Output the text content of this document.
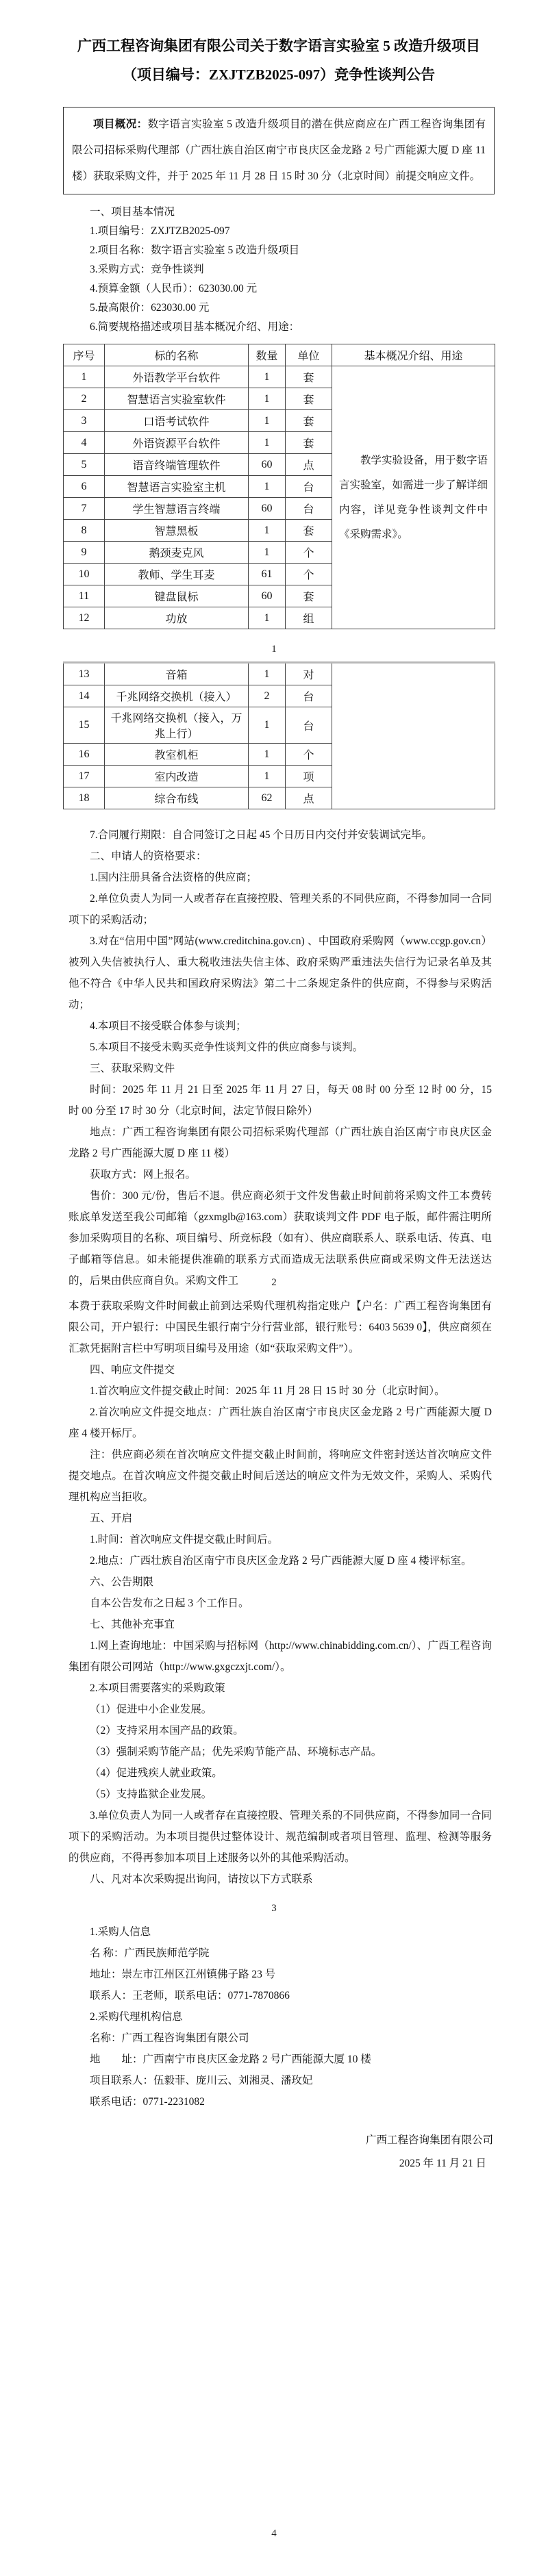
广西工程咨询集团有限公司关于数字语言实验室 5 改造升级项目
（项目编号：ZXJTZB2025-097）竞争性谈判公告

项目概况：数字语言实验室 5 改造升级项目的潜在供应商应在广西工程咨询集团有限公司招标采购代理部（广西壮族自治区南宁市良庆区金龙路 2 号广西能源大厦 D 座 11 楼）获取采购文件，并于 2025 年 11 月 28 日 15 时 30 分（北京时间）前提交响应文件。

一、项目基本情况

1.项目编号：ZXJTZB2025-097

2.项目名称：数字语言实验室 5 改造升级项目

3.采购方式：竞争性谈判

4.预算金额（人民币）：623030.00 元

5.最高限价：623030.00 元

6.简要规格描述或项目基本概况介绍、用途：

序号	标的名称	数量	单位	基本概况介绍、用途
1	外语教学平台软件	1	套	教学实验设备，用于数字语言实验室，如需进一步了解详细内容，详见竞争性谈判文件中《采购需求》。

2	智慧语言实验室软件	1	套	
3	口语考试软件	1	套	
4	外语资源平台软件	1	套	
5	语音终端管理软件	60	点	
6	智慧语言实验室主机	1	台	
7	学生智慧语言终端	60	台	
8	智慧黑板	1	套	
9	鹅颈麦克风	1	个	
10	教师、学生耳麦	61	个	
11	键盘鼠标	60	套	
12	功放	1	组	
1
13	音箱	1	对	
14	千兆网络交换机（接入）	2	台	
15	千兆网络交换机（接入，万兆上行）	1	台	
16	教室机柜	1	个	
17	室内改造	1	项	
18	综合布线	62	点	

7.合同履行期限：自合同签订之日起 45 个日历日内交付并安装调试完毕。

二、申请人的资格要求：

1.国内注册具备合法资格的供应商；

2.单位负责人为同一人或者存在直接控股、管理关系的不同供应商，不得参加同一合同项下的采购活动；

3.对在“信用中国”网站(www.creditchina.gov.cn) 、中国政府采购网（www.ccgp.gov.cn）被列入失信被执行人、重大税收违法失信主体、政府采购严重违法失信行为记录名单及其他不符合《中华人民共和国政府采购法》第二十二条规定条件的供应商，不得参与采购活动；

4.本项目不接受联合体参与谈判；

5.本项目不接受未购买竞争性谈判文件的供应商参与谈判。

三、获取采购文件

时间：2025 年 11 月 21 日至 2025 年 11 月 27 日，每天 08 时 00 分至 12 时 00 分，15 时 00 分至 17 时 30 分（北京时间，法定节假日除外）

地点：广西工程咨询集团有限公司招标采购代理部（广西壮族自治区南宁市良庆区金龙路 2 号广西能源大厦 D 座 11 楼）

获取方式：网上报名。

售价：300 元/份，售后不退。供应商必须于文件发售截止时间前将采购文件工本费转账底单发送至我公司邮箱（gzxmglb@163.com）获取谈判文件 PDF 电子版，邮件需注明所参加采购项目的名称、项目编号、所竞标段（如有）、供应商联系人、联系电话、传真、电子邮箱等信息。如未能提供准确的联系方式而造成无法联系供应商或采购文件无法送达的，后果由供应商自负。采购文件工	2

本费于获取采购文件时间截止前到达采购代理机构指定账户【户名：广西工程咨询集团有限公司，开户银行：中国民生银行南宁分行营业部，银行账号：6403 5639 0】，供应商须在汇款凭据附言栏中写明项目编号及用途（如“获取采购文件”）。

四、响应文件提交

1.首次响应文件提交截止时间：2025 年 11 月 28 日 15 时 30 分（北京时间）。

2.首次响应文件提交地点：广西壮族自治区南宁市良庆区金龙路 2 号广西能源大厦 D 座 4 楼开标厅。

注：供应商必须在首次响应文件提交截止时间前，将响应文件密封送达首次响应文件提交地点。在首次响应文件提交截止时间后送达的响应文件为无效文件，采购人、采购代理机构应当拒收。

五、开启

1.时间：首次响应文件提交截止时间后。

2.地点：广西壮族自治区南宁市良庆区金龙路 2 号广西能源大厦 D 座 4 楼评标室。

六、公告期限

自本公告发布之日起 3 个工作日。

七、其他补充事宜

1.网上查询地址：中国采购与招标网（http://www.chinabidding.com.cn/）、广西工程咨询集团有限公司网站（http://www.gxgczxjt.com/）。

2.本项目需要落实的采购政策

（1）促进中小企业发展。

（2）支持采用本国产品的政策。

（3）强制采购节能产品；优先采购节能产品、环境标志产品。

（4）促进残疾人就业政策。

（5）支持监狱企业发展。

3.单位负责人为同一人或者存在直接控股、管理关系的不同供应商，不得参加同一合同项下的采购活动。为本项目提供过整体设计、规范编制或者项目管理、监理、检测等服务的供应商，不得再参加本项目上述服务以外的其他采购活动。

八、凡对本次采购提出询问，请按以下方式联系

3

1.采购人信息

名 称：广西民族师范学院

地址：崇左市江州区江州镇佛子路 23 号

联系人：王老师，联系电话：0771-7870866

2.采购代理机构信息

名称：广西工程咨询集团有限公司

地　　址：广西南宁市良庆区金龙路 2 号广西能源大厦 10 楼

项目联系人：伍毅菲、庞川云、刘湘灵、潘玫妃

联系电话：0771-2231082

广西工程咨询集团有限公司
2025 年 11 月 21 日
4
